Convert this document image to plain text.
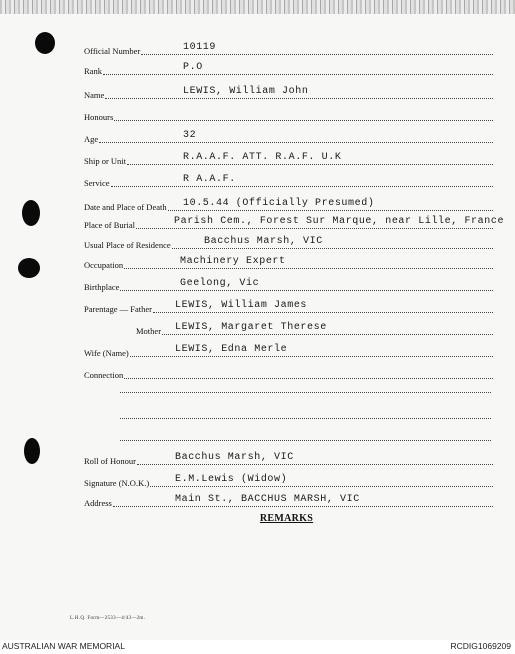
Official Number	10119
Rank	P.O
Name	LEWIS, William John
Honours
Age	32
Ship or Unit	R.A.A.F. ATT. R.A.F. U.K
Service	R A.A.F.
Date and Place of Death 10.5.44 (Officially Presumed)
Place of Burial	Parish Cem., Forest Sur Marque, near Lille, France
Usual Place of Residence	Bacchus Marsh, VIC
Occupation	Machinery Expert
Birthplace	Geelong, Vic
Parentage — Father LEWIS, William James
Mother LEWIS, Margaret Therese
Wife (Name)	LEWIS, Edna Merle
Connection
Roll of Honour	Bacchus Marsh, VIC
Signature (N.O.K.)	E.M.Lewis (Widow)
Address	Main St., BACCHUS MARSH, VIC
REMARKS
L.H.Q. Form—2533—4/43—2m.
AUSTRALIAN WAR MEMORIAL	RCDIG1069209
